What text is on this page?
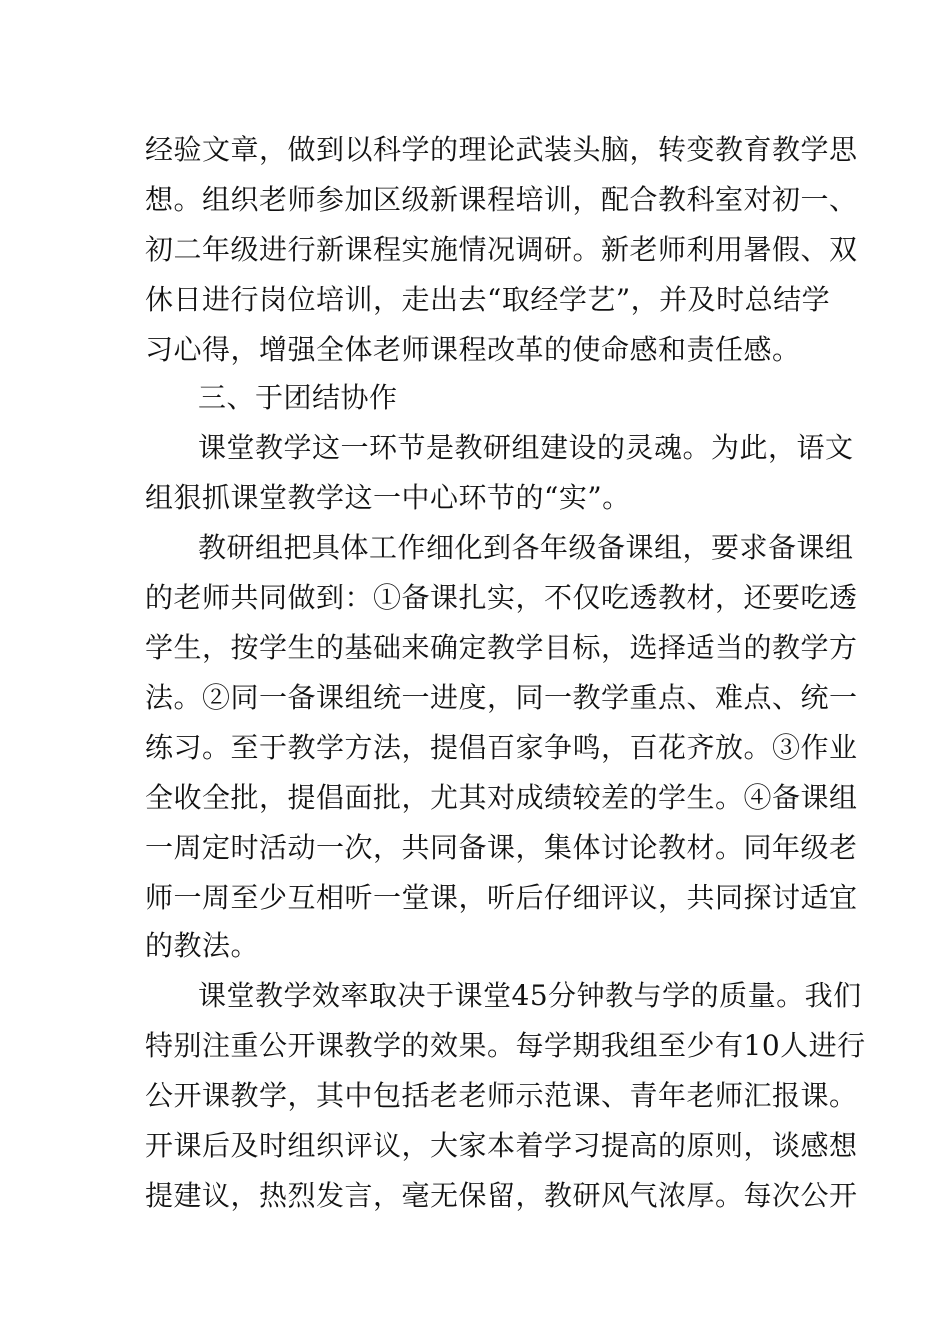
经验文章，做到以科学的理论武装头脑，转变教育教学思
想。组织老师参加区级新课程培训，配合教科室对初一、
初二年级进行新课程实施情况调研。新老师利用暑假、双
休日进行岗位培训，走出去“取经学艺”，并及时总结学
习心得，增强全体老师课程改革的使命感和责任感。
三、于团结协作
课堂教学这一环节是教研组建设的灵魂。为此，语文
组狠抓课堂教学这一中心环节的“实”。
教研组把具体工作细化到各年级备课组，要求备课组
的老师共同做到：①备课扎实，不仅吃透教材，还要吃透
学生，按学生的基础来确定教学目标，选择适当的教学方
法。②同一备课组统一进度，同一教学重点、难点、统一
练习。至于教学方法，提倡百家争鸣，百花齐放。③作业
全收全批，提倡面批，尤其对成绩较差的学生。④备课组
一周定时活动一次，共同备课，集体讨论教材。同年级老
师一周至少互相听一堂课，听后仔细评议，共同探讨适宜
的教法。
课堂教学效率取决于课堂45分钟教与学的质量。我们
特别注重公开课教学的效果。每学期我组至少有10人进行
公开课教学，其中包括老老师示范课、青年老师汇报课。
开课后及时组织评议，大家本着学习提高的原则，谈感想
提建议，热烈发言，毫无保留，教研风气浓厚。每次公开
